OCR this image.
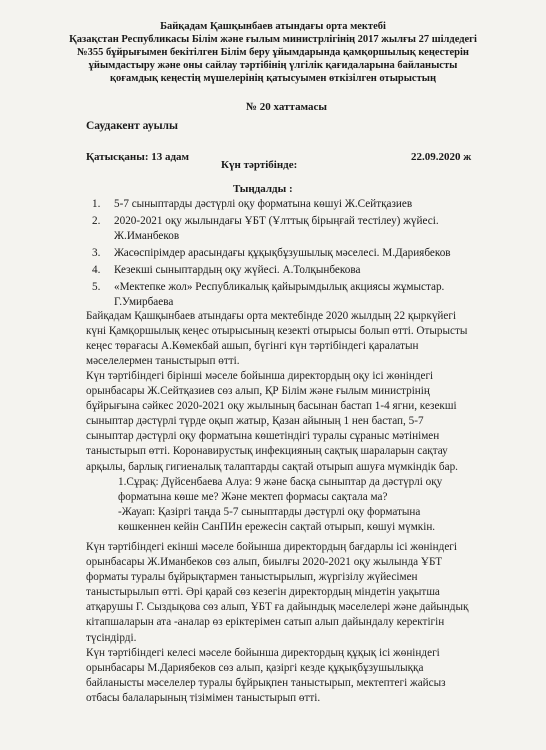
Байқадам Қашқынбаев атындағы орта мектебі
Қазақстан Республикасы Білім және ғылым министрлігінің 2017 жылғы 27 шілдедегі
№355 бұйрығымен бекітілген Білім беру ұйымдарында қамқоршылық кеңестерін
ұйымдастыру және оны сайлау тәртібінің үлгілік қағидаларына байланысты
қоғамдық кеңестің мүшелерінің қатысуымен өткізілген отырыстың
№ 20 хаттамасы
Саудакент ауылы
Қатысқаны: 13 адам	22.09.2020 ж
Күн тәртібінде:
Тыңдалды :
1.	5-7 сыныптарды дәстүрлі оқу форматына көшуі Ж.Сейтқазиев
2.	2020-2021 оқу жылындағы ҰБТ (Ұлттық бірыңғай тестілеу) жүйесі.
Ж.Иманбеков
3.	Жасөспірімдер арасындағы құқықбұзушылық мәселесі. М.Дариябеков
4.	Кезекші сыныптардың оқу жүйесі. А.Толқынбекова
5.	«Мектепке жол» Республикалық қайырымдылық акциясы жұмыстар.
Г.Умирбаева
Байқадам Қашқынбаев атындағы орта мектебінде 2020 жылдың 22 қыркүйегі
күні Қамқоршылық кеңес отырысының кезекті отырысы болып өтті. Отырысты
кеңес төрағасы А.Көмекбай ашып, бүгінгі күн тәртібіндегі қаралатын
мәселелермен таныстырып өтті.
Күн тәртібіндегі бірінші мәселе бойынша директордың оқу ісі жөніндегі
орынбасары Ж.Сейтқазиев сөз алып, ҚР Білім және ғылым министрінің
бұйрығына сәйкес 2020-2021 оқу жылының басынан бастап 1-4 ягни, кезекші
сыныптар дәстүрлі түрде оқып жатыр, Қазан айының 1 нен бастап, 5-7
сыныптар дәстүрлі оқу форматына көшетіндігі туралы сұраныс мәтінімен
таныстырып өтті. Коронавирустық инфекцияның сақтық шараларын сақтау
арқылы, барлық гигиеналық талаптарды сақтай отырып ашуға мүмкіндік бар.
1.Сұрақ: Дүйсенбаева Алуа: 9 және басқа сыныптар да дәстүрлі оқу
форматына көше ме? Және мектеп формасы сақтала ма?
-Жауап: Қазіргі таңда 5-7 сыныптарды дәстүрлі оқу форматына
көшкеннен кейін СанПИн ережесін сақтай отырып, көшуі мүмкін.
Күн тәртібіндегі екінші мәселе бойынша директордың бағдарлы ісі жөніндегі
орынбасары Ж.Иманбеков сөз алып, биылғы 2020-2021 оқу жылында ҰБТ
форматы туралы бұйрықтармен таныстырылып, жүргізілу жүйесімен
таныстырылып өтті. Әрі қарай сөз кезегін директордың міндетін уақытша
атқарушы Г. Сыздықова сөз алып, ҰБТ ға дайындық мәселелері және дайындық
кітапшаларын ата -аналар өз еріктерімен сатып алып дайындалу керектігін
түсіндірді.
Күн тәртібіндегі келесі мәселе бойынша директордың құқық ісі жөніндегі
орынбасары М.Дариябеков сөз алып, қазіргі кезде құқықбұзушылыққа
байланысты мәселелер туралы бұйрықпен таныстырып, мектептегі жайсыз
отбасы балаларының тізімімен таныстырып өтті.
